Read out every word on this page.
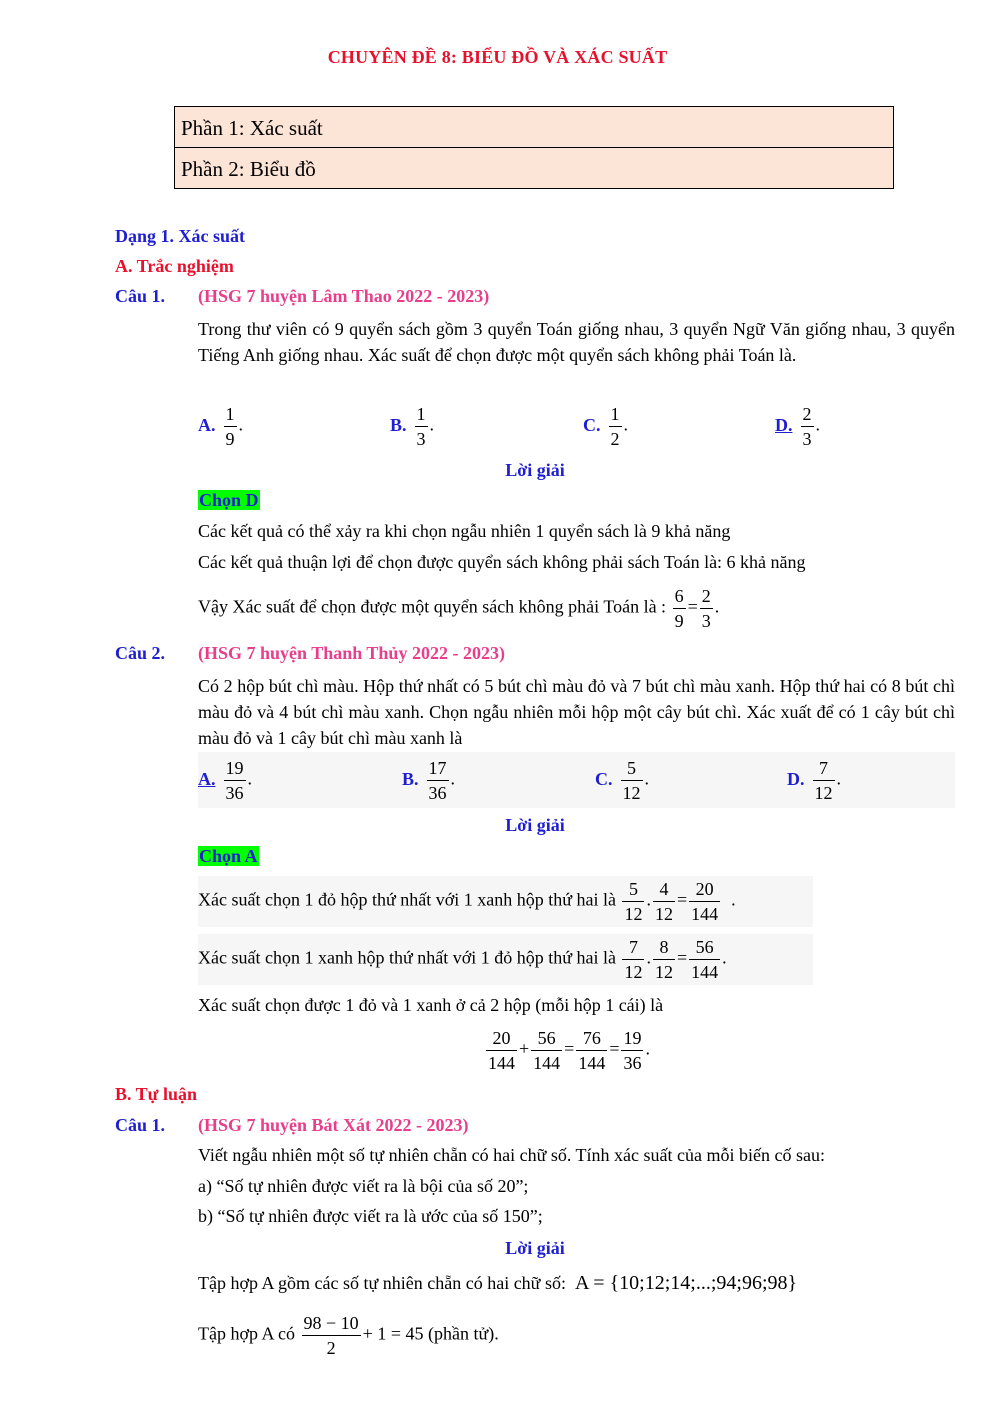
CHUYÊN ĐỀ 8: BIỂU ĐỒ VÀ XÁC SUẤT
Phần 1: Xác suất
Phần 2: Biểu đồ
Dạng 1. Xác suất
A. Trắc nghiệm
Câu 1. (HSG 7 huyện Lâm Thao 2022 - 2023)
Trong thư viên có 9 quyển sách gồm 3 quyển Toán giống nhau, 3 quyển Ngữ Văn giống nhau, 3 quyển Tiếng Anh giống nhau. Xác suất để chọn được một quyển sách không phải Toán là.
A. $\frac{1}{9}$ .	B. $\frac{1}{3}$ .	C. $\frac{1}{2}$ .	D. $\frac{2}{3}$ .
Lời giải
Chọn D
Các kết quả có thể xảy ra khi chọn ngẫu nhiên 1 quyển sách là 9 khả năng
Các kết quả thuận lợi để chọn được quyển sách không phải sách Toán là: 6 khả năng
Vậy Xác suất để chọn được một quyển sách không phải Toán là : $\frac{6}{9} = \frac{2}{3}$ .
Câu 2. (HSG 7 huyện Thanh Thủy 2022 - 2023)
Có 2 hộp bút chì màu. Hộp thứ nhất có 5 bút chì màu đỏ và 7 bút chì màu xanh. Hộp thứ hai có 8 bút chì màu đỏ và 4 bút chì màu xanh. Chọn ngẫu nhiên mỗi hộp một cây bút chì. Xác xuất để có 1 cây bút chì màu đỏ và 1 cây bút chì màu xanh là
A. $\frac{19}{36}$ .	B. $\frac{17}{36}$ .	C. $\frac{5}{12}$ .	D. $\frac{7}{12}$ .
Lời giải
Chọn A
Xác suất chọn 1 đỏ hộp thứ nhất với 1 xanh hộp thứ hai là $\frac{5}{12}$ . $\frac{4}{12} = \frac{20}{144}$ .
Xác suất chọn 1 xanh hộp thứ nhất với 1 đỏ hộp thứ hai là $\frac{7}{12}$ . $\frac{8}{12} = \frac{56}{144}$ .
Xác suất chọn được 1 đỏ và 1 xanh ở cả 2 hộp (mỗi hộp 1 cái) là
$\frac{20}{144} + \frac{56}{144} = \frac{76}{144} = \frac{19}{36}$ .
B. Tự luận
Câu 1. (HSG 7 huyện Bát Xát 2022 - 2023)
Viết ngẫu nhiên một số tự nhiên chẵn có hai chữ số. Tính xác suất của mỗi biến cố sau:
a) “Số tự nhiên được viết ra là bội của số 20”;
b) “Số tự nhiên được viết ra là ước của số 150”;
Lời giải
Tập hợp A gồm các số tự nhiên chẵn có hai chữ số: A = {10;12;14;...;94;96;98}
Tập hợp A có $\frac{98 - 10}{2} + 1 = 45$ (phần tử).
